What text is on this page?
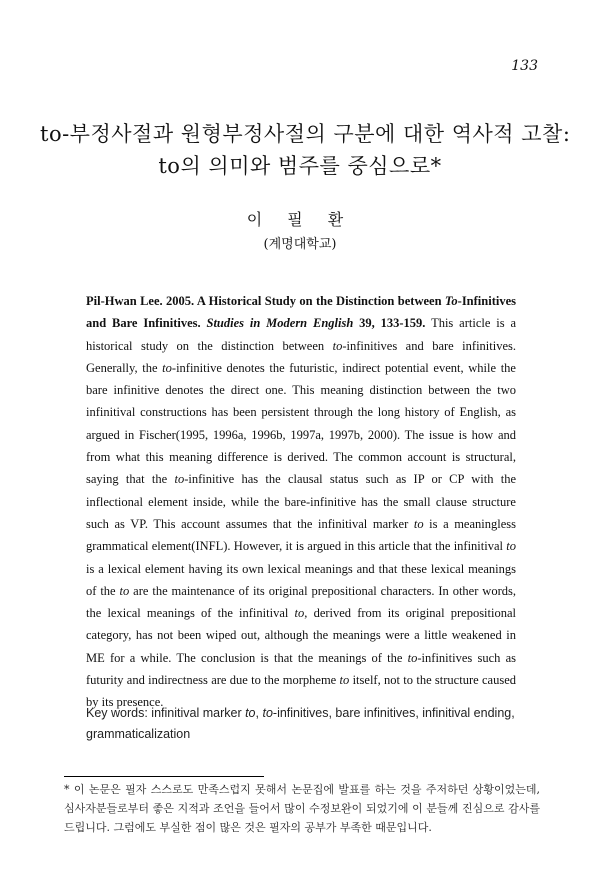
133
to-부정사절과 원형부정사절의 구분에 대한 역사적 고찰:
to의 의미와 범주를 중심으로*
이 필 환
(계명대학교)
Pil-Hwan Lee. 2005. A Historical Study on the Distinction between To-Infinitives and Bare Infinitives. Studies in Modern English 39, 133-159. This article is a historical study on the distinction between to-infinitives and bare infinitives. Generally, the to-infinitive denotes the futuristic, indirect potential event, while the bare infinitive denotes the direct one. This meaning distinction between the two infinitival constructions has been persistent through the long history of English, as argued in Fischer(1995, 1996a, 1996b, 1997a, 1997b, 2000). The issue is how and from what this meaning difference is derived. The common account is structural, saying that the to-infinitive has the clausal status such as IP or CP with the inflectional element inside, while the bare-infinitive has the small clause structure such as VP. This account assumes that the infinitival marker to is a meaningless grammatical element(INFL). However, it is argued in this article that the infinitival to is a lexical element having its own lexical meanings and that these lexical meanings of the to are the maintenance of its original prepositional characters. In other words, the lexical meanings of the infinitival to, derived from its original prepositional category, has not been wiped out, although the meanings were a little weakened in ME for a while. The conclusion is that the meanings of the to-infinitives such as futurity and indirectness are due to the morpheme to itself, not to the structure caused by its presence.
Key words: infinitival marker to, to-infinitives, bare infinitives, infinitival ending, grammaticalization
* 이 논문은 필자 스스로도 만족스럽지 못해서 논문집에 발표를 하는 것을 주저하던 상황이었는데, 심사자분들로부터 좋은 지적과 조언을 들어서 많이 수정보완이 되었기에 이 분들께 진심으로 감사를 드립니다. 그럼에도 부실한 점이 많은 것은 필자의 공부가 부족한 때문입니다.
